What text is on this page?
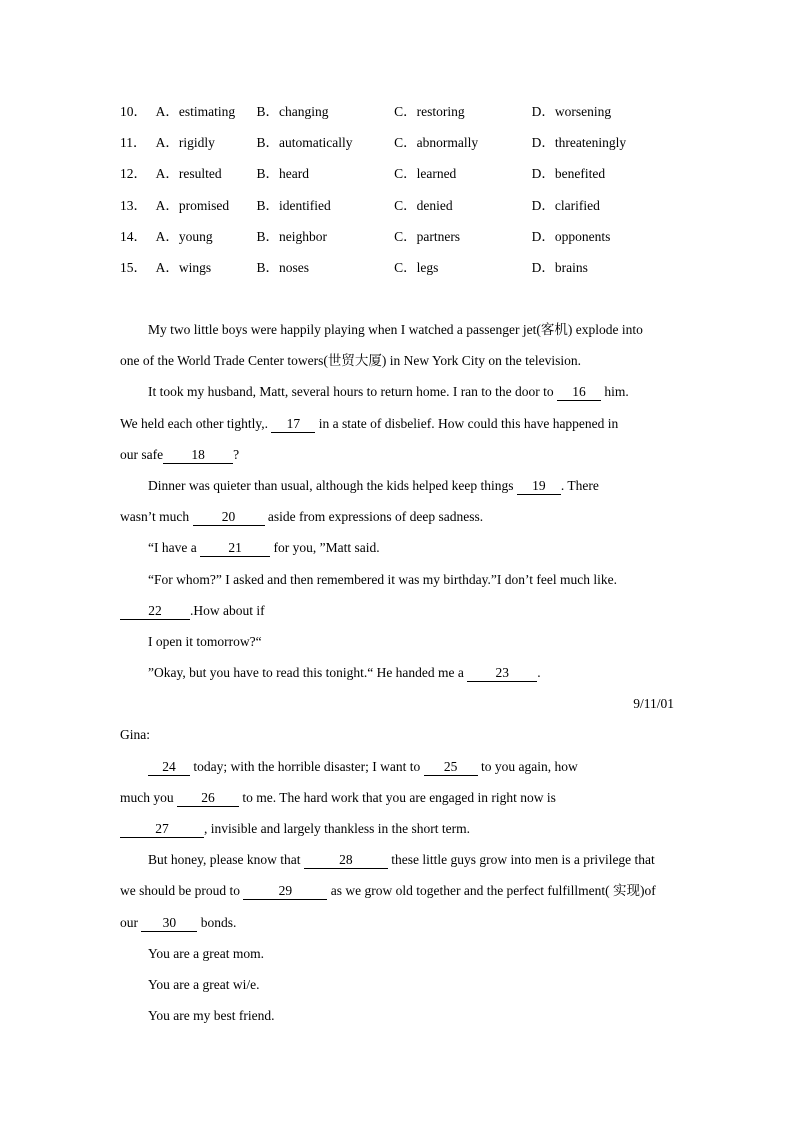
10． A．estimating	B．changing	C．restoring	D．worsening
11． A．rigidly	B．automatically	C．abnormally	D．threateningly
12． A．resulted	B．heard	C．learned	D．benefited
13． A．promised	B．identified	C．denied	D．clarified
14． A．young	B．neighbor	C．partners	D．opponents
15． A．wings	B．noses	C．legs	D．brains
My two little boys were happily playing when I watched a passenger jet(客机) explode into
one of the World Trade Center towers(世贸大厦) in New York City on the television.
It took my husband, Matt, several hours to return home. I ran to the door to 16 him.
We held each other tightly,. 17 in a state of disbelief. How could this have happened in
our safe 18 ?
Dinner was quieter than usual, although the kids helped keep things 19 . There
wasn’t much 20 aside from expressions of deep sadness.
“I have a 21 for you, ”Matt said.
“For whom?” I asked and then remembered it was my birthday.”I don’t feel much like.
22 .How about if
I open it tomorrow?“
”Okay, but you have to read this tonight.“ He handed me a 23 .
9/11/01
Gina:
24 today; with the horrible disaster; I want to 25 to you again, how
much you 26 to me. The hard work that you are engaged in right now is
27	, invisible and largely thankless in the short term.
But honey, please know that	28	these little guys grow into men is a privilege that
we should be proud to	29	as we grow old together and the perfect fulfillment( 实现)of
our 30 bonds.
You are a great mom.
You are a great wi/e.
You are my best friend.
